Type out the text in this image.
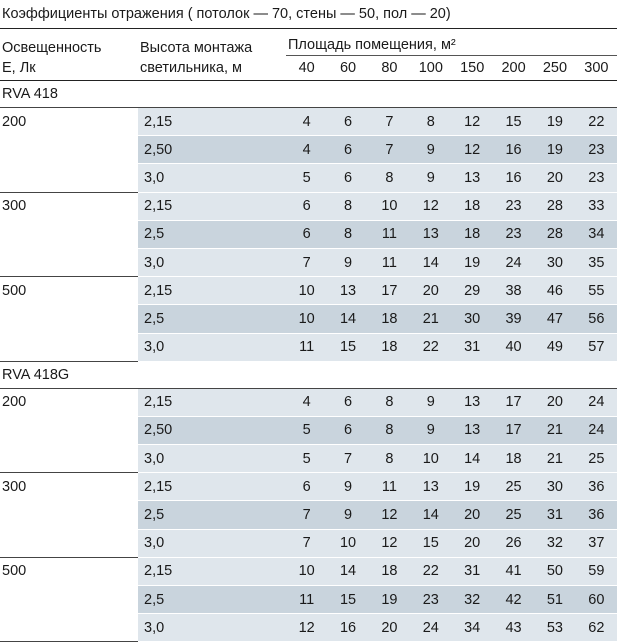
Коэффициенты отражения ( потолок — 70, стены — 50, пол — 20)									
Освещенность	Высота монтажа	Площадь помещения, м²							
Е, Лк	светильника, м	40	60	80	100	150	200	250	300
RVA 418									
200	2,15	4	6	7	8	12	15	19	22
	2,50	4	6	7	9	12	16	19	23
	3,0	5	6	8	9	13	16	20	23
300	2,15	6	8	10	12	18	23	28	33
	2,5	6	8	11	13	18	23	28	34
	3,0	7	9	11	14	19	24	30	35
500	2,15	10	13	17	20	29	38	46	55
	2,5	10	14	18	21	30	39	47	56
	3,0	11	15	18	22	31	40	49	57
RVA 418G									
200	2,15	4	6	8	9	13	17	20	24
	2,50	5	6	8	9	13	17	21	24
	3,0	5	7	8	10	14	18	21	25
300	2,15	6	9	11	13	19	25	30	36
	2,5	7	9	12	14	20	25	31	36
	3,0	7	10	12	15	20	26	32	37
500	2,15	10	14	18	22	31	41	50	59
	2,5	11	15	19	23	32	42	51	60
	3,0	12	16	20	24	34	43	53	62
